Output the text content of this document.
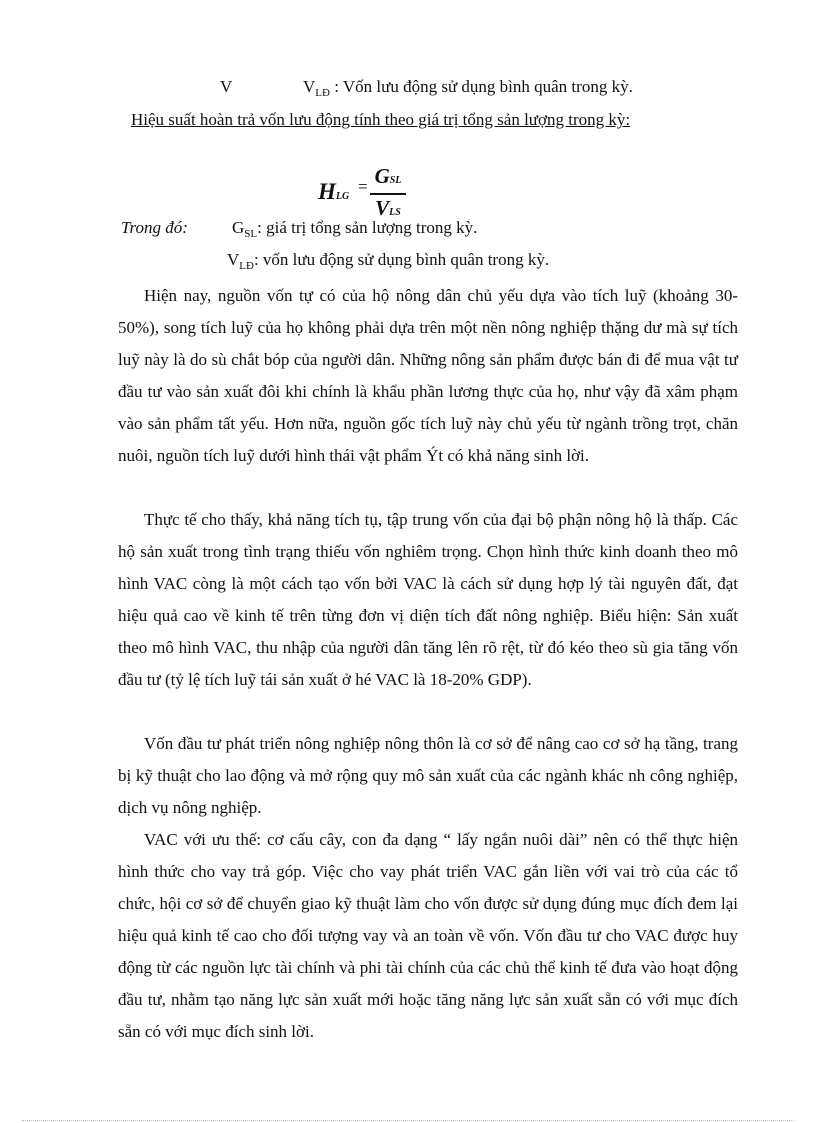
V	$V_{LĐ}$ : Vốn lưu động sử dụng bình quân trong kỳ.
Hiệu suất hoàn trả vốn lưu động tính theo giá trị tổng sản lượng trong kỳ:
HLG
= GSL
VLS
Trong đó:	$G_{SL}$: giá trị tổng sản lượng trong kỳ.
$V_{LĐ}$: vốn lưu động sử dụng bình quân trong kỳ.
Hiện nay, nguồn vốn tự có của hộ nông dân chủ yếu dựa vào tích luỹ (khoảng 30-50%), song tích luỹ của họ không phải dựa trên một nền nông nghiệp thặng dư mà sự tích luỹ này là do sù chắt bóp của người dân. Những nông sản phẩm được bán đi để mua vật tư đầu tư vào sản xuất đôi khi chính là khẩu phần lương thực của họ, như vậy đã xâm phạm vào sản phẩm tất yếu. Hơn nữa, nguồn gốc tích luỹ này chủ yếu từ ngành trồng trọt, chăn nuôi, nguồn tích luỹ dưới hình thái vật phẩm Ýt có khả năng sinh lời.
Thực tế cho thấy, khả năng tích tụ, tập trung vốn của đại bộ phận nông hộ là thấp. Các hộ sản xuất trong tình trạng thiếu vốn nghiêm trọng. Chọn hình thức kinh doanh theo mô hình VAC còng là một cách tạo vốn bởi VAC là cách sử dụng hợp lý tài nguyên đất, đạt hiệu quả cao về kinh tế trên từng đơn vị diện tích đất nông nghiệp. Biểu hiện: Sản xuất theo mô hình VAC, thu nhập của người dân tăng lên rõ rệt, từ đó kéo theo sù gia tăng vốn đầu tư (tỷ lệ tích luỹ tái sản xuất ở hé VAC là 18-20% GDP).
Vốn đầu tư phát triển nông nghiệp nông thôn là cơ sở để nâng cao cơ sở hạ tầng, trang bị kỹ thuật cho lao động và mở rộng quy mô sản xuất của các ngành khác nh công nghiệp, dịch vụ nông nghiệp.
VAC với ưu thế: cơ cấu cây, con đa dạng “ lấy ngắn nuôi dài” nên có thể thực hiện hình thức cho vay trả góp. Việc cho vay phát triển VAC gắn liền với vai trò của các tổ chức, hội cơ sở để chuyển giao kỹ thuật làm cho vốn được sử dụng đúng mục đích đem lại hiệu quả kinh tế cao cho đối tượng vay và an toàn về vốn. Vốn đầu tư cho VAC được huy động từ các nguồn lực tài chính và phi tài chính của các chủ thể kinh tế đưa vào hoạt động đầu tư, nhằm tạo năng lực sản xuất mới hoặc tăng năng lực sản xuất sẵn có với mục đích sẵn có với mục đích sinh lời.
